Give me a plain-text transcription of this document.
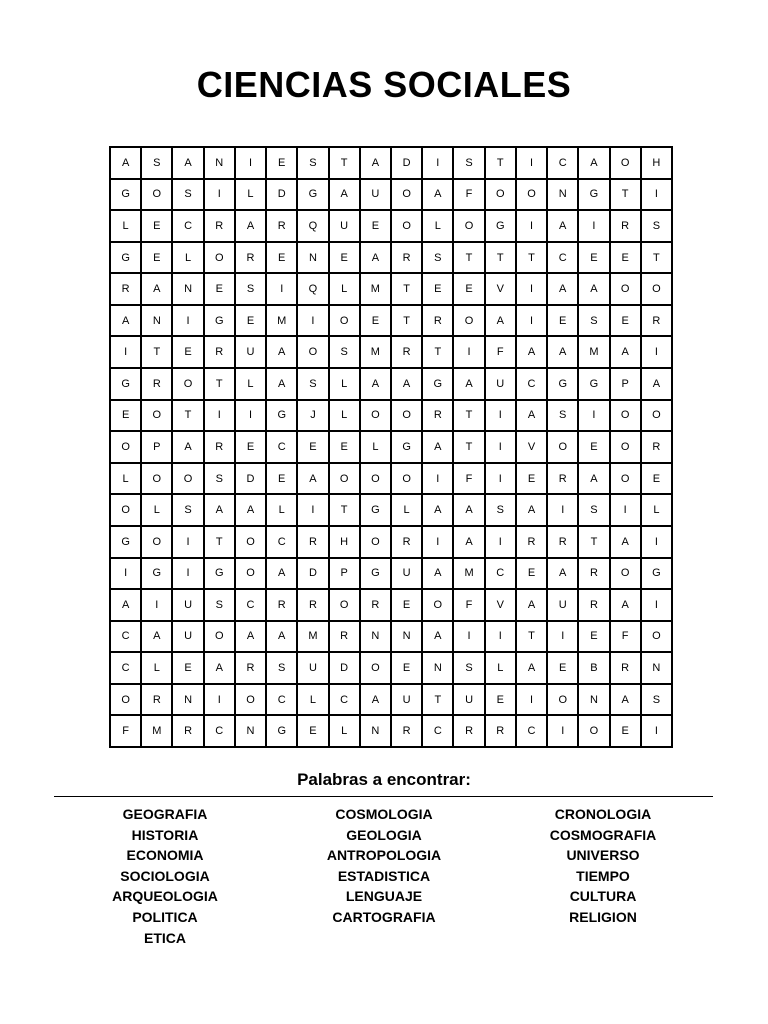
CIENCIAS SOCIALES
A	S	A	N	I	E	S	T	A	D	I	S	T	I	C	A	O	H
G	O	S	I	L	D	G	A	U	O	A	F	O	O	N	G	T	I
L	E	C	R	A	R	Q	U	E	O	L	O	G	I	A	I	R	S
G	E	L	O	R	E	N	E	A	R	S	T	T	T	C	E	E	T
R	A	N	E	S	I	Q	L	M	T	E	E	V	I	A	A	O	O
A	N	I	G	E	M	I	O	E	T	R	O	A	I	E	S	E	R
I	T	E	R	U	A	O	S	M	R	T	I	F	A	A	M	A	I
G	R	O	T	L	A	S	L	A	A	G	A	U	C	G	G	P	A
E	O	T	I	I	G	J	L	O	O	R	T	I	A	S	I	O	O
O	P	A	R	E	C	E	E	L	G	A	T	I	V	O	E	O	R
L	O	O	S	D	E	A	O	O	O	I	F	I	E	R	A	O	E
O	L	S	A	A	L	I	T	G	L	A	A	S	A	I	S	I	L
G	O	I	T	O	C	R	H	O	R	I	A	I	R	R	T	A	I
I	G	I	G	O	A	D	P	G	U	A	M	C	E	A	R	O	G
A	I	U	S	C	R	R	O	R	E	O	F	V	A	U	R	A	I
C	A	U	O	A	A	M	R	N	N	A	I	I	T	I	E	F	O
C	L	E	A	R	S	U	D	O	E	N	S	L	A	E	B	R	N
O	R	N	I	O	C	L	C	A	U	T	U	E	I	O	N	A	S
F	M	R	C	N	G	E	L	N	R	C	R	R	C	I	O	E	I
Palabras a encontrar:
GEOGRAFIA
HISTORIA
ECONOMIA
SOCIOLOGIA
ARQUEOLOGIA
POLITICA
ETICA
COSMOLOGIA
GEOLOGIA
ANTROPOLOGIA
ESTADISTICA
LENGUAJE
CARTOGRAFIA
CRONOLOGIA
COSMOGRAFIA
UNIVERSO
TIEMPO
CULTURA
RELIGION
